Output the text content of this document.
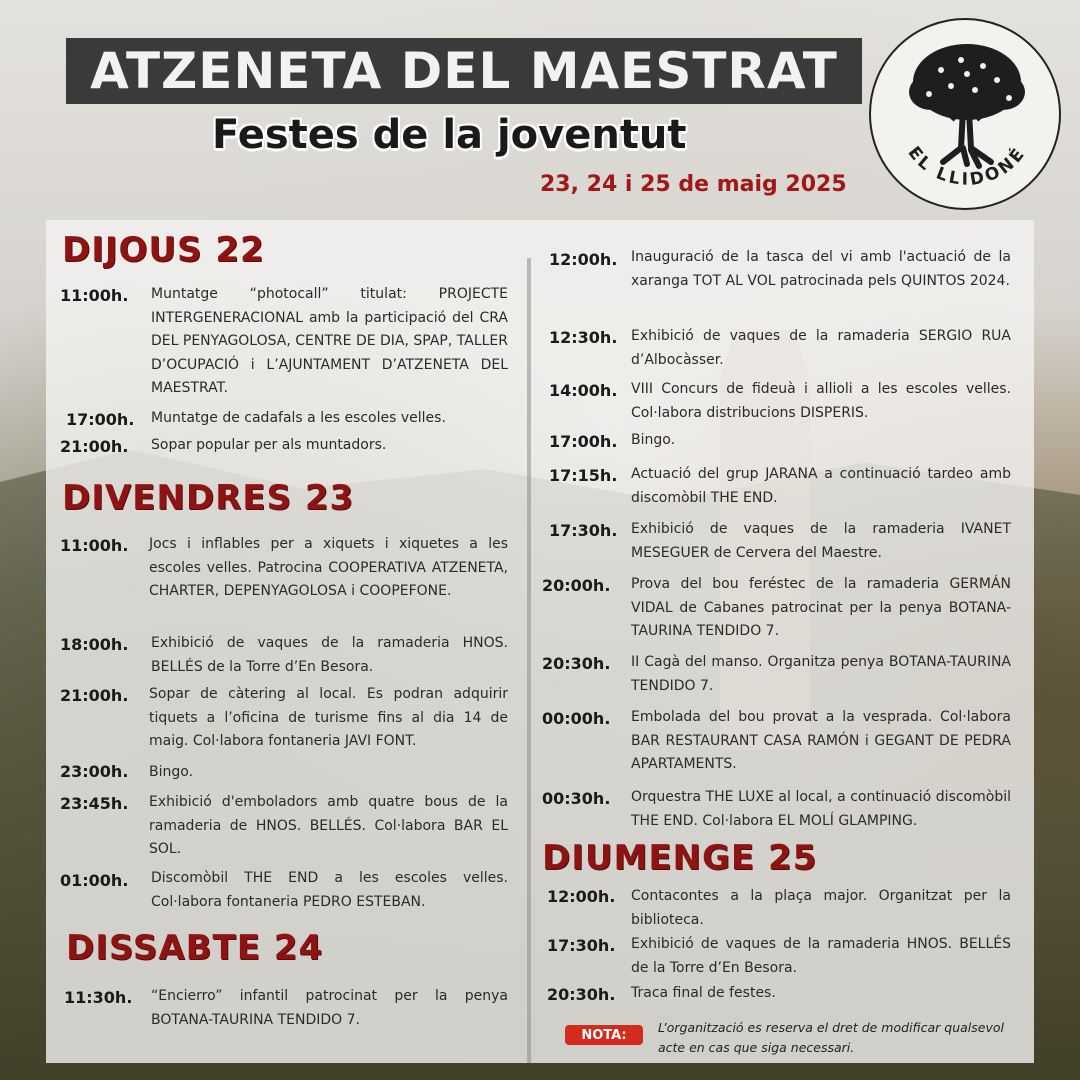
ATZENETA DEL MAESTRAT
Festes de la joventut
23, 24 i 25 de maig 2025
EL LLIDONÉ
DIJOUS 22
11:00h. Muntatge “photocall” titulat: PROJECTE INTERGENERACIONAL amb la participació del CRA DEL PENYAGOLOSA, CENTRE DE DIA, SPAP, TALLER D’OCUPACIÓ i L’AJUNTAMENT D’ATZENETA DEL MAESTRAT.
17:00h. Muntatge de cadafals a les escoles velles.
21:00h. Sopar popular per als muntadors.
DIVENDRES 23
11:00h. Jocs i inflables per a xiquets i xiquetes a les escoles velles. Patrocina COOPERATIVA ATZENETA, CHARTER, DEPENYAGOLOSA i COOPEFONE.
18:00h. Exhibició de vaques de la ramaderia HNOS. BELLÉS de la Torre d’En Besora.
21:00h. Sopar de càtering al local. Es podran adquirir tiquets a l’oficina de turisme fins al dia 14 de maig. Col·labora fontaneria JAVI FONT.
23:00h. Bingo.
23:45h. Exhibició d'emboladors amb quatre bous de la ramaderia de HNOS. BELLÉS. Col·labora BAR EL SOL.
01:00h. Discomòbil THE END a les escoles velles. Col·labora fontaneria PEDRO ESTEBAN.
DISSABTE 24
11:30h. “Encierro” infantil patrocinat per la penya BOTANA-TAURINA TENDIDO 7.
12:00h. Inauguració de la tasca del vi amb l'actuació de la xaranga TOT AL VOL patrocinada pels QUINTOS 2024.
12:30h. Exhibició de vaques de la ramaderia SERGIO RUA d’Albocàsser.
14:00h. VIII Concurs de fideuà i allioli a les escoles velles. Col·labora distribucions DISPERIS.
17:00h. Bingo.
17:15h. Actuació del grup JARANA a continuació tardeo amb discomòbil THE END.
17:30h. Exhibició de vaques de la ramaderia IVANET MESEGUER de Cervera del Maestre.
20:00h. Prova del bou feréstec de la ramaderia GERMÁN VIDAL de Cabanes patrocinat per la penya BOTANA-TAURINA TENDIDO 7.
20:30h. II Cagà del manso. Organitza penya BOTANA-TAURINA TENDIDO 7.
00:00h. Embolada del bou provat a la vesprada. Col·labora BAR RESTAURANT CASA RAMÓN i GEGANT DE PEDRA APARTAMENTS.
00:30h. Orquestra THE LUXE al local, a continuació discomòbil THE END. Col·labora EL MOLÍ GLAMPING.
DIUMENGE 25
12:00h. Contacontes a la plaça major. Organitzat per la biblioteca.
17:30h. Exhibició de vaques de la ramaderia HNOS. BELLÉS de la Torre d’En Besora.
20:30h. Traca final de festes.
NOTA:	L’organització es reserva el dret de modificar qualsevol acte en cas que siga necessari.
